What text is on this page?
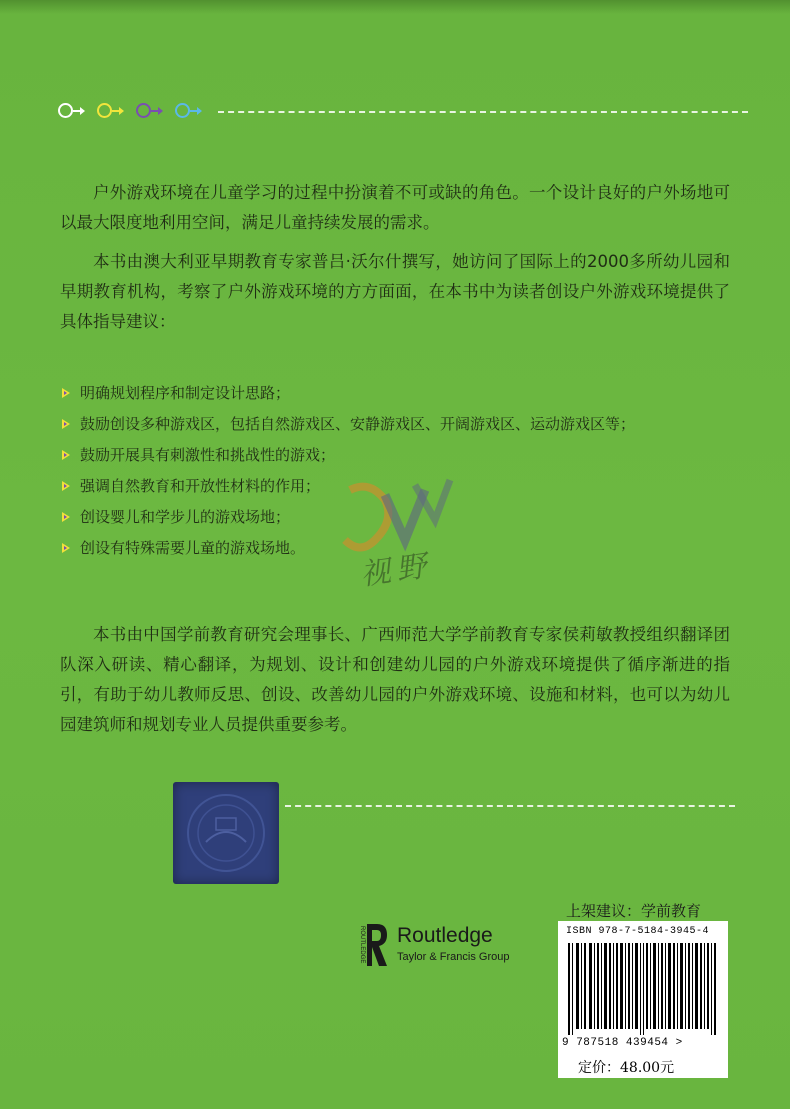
户外游戏环境在儿童学习的过程中扮演着不可或缺的角色。一个设计良好的户外场地可以最大限度地利用空间，满足儿童持续发展的需求。
本书由澳大利亚早期教育专家普吕·沃尔什撰写，她访问了国际上的2000多所幼儿园和早期教育机构，考察了户外游戏环境的方方面面，在本书中为读者创设户外游戏环境提供了具体指导建议：
明确规划程序和制定设计思路；
鼓励创设多种游戏区，包括自然游戏区、安静游戏区、开阔游戏区、运动游戏区等；
鼓励开展具有刺激性和挑战性的游戏；
强调自然教育和开放性材料的作用；
创设婴儿和学步儿的游戏场地；
创设有特殊需要儿童的游戏场地。
视野
本书由中国学前教育研究会理事长、广西师范大学学前教育专家侯莉敏教授组织翻译团队深入研读、精心翻译，为规划、设计和创建幼儿园的户外游戏环境提供了循序渐进的指引，有助于幼儿教师反思、创设、改善幼儿园的户外游戏环境、设施和材料，也可以为幼儿园建筑师和规划专业人员提供重要参考。
ROUTLEDGE Routledge
Taylor & Francis Group
上架建议：学前教育
ISBN 978-7-5184-3945-4
9 787518 439454 >
定价：48.00元
